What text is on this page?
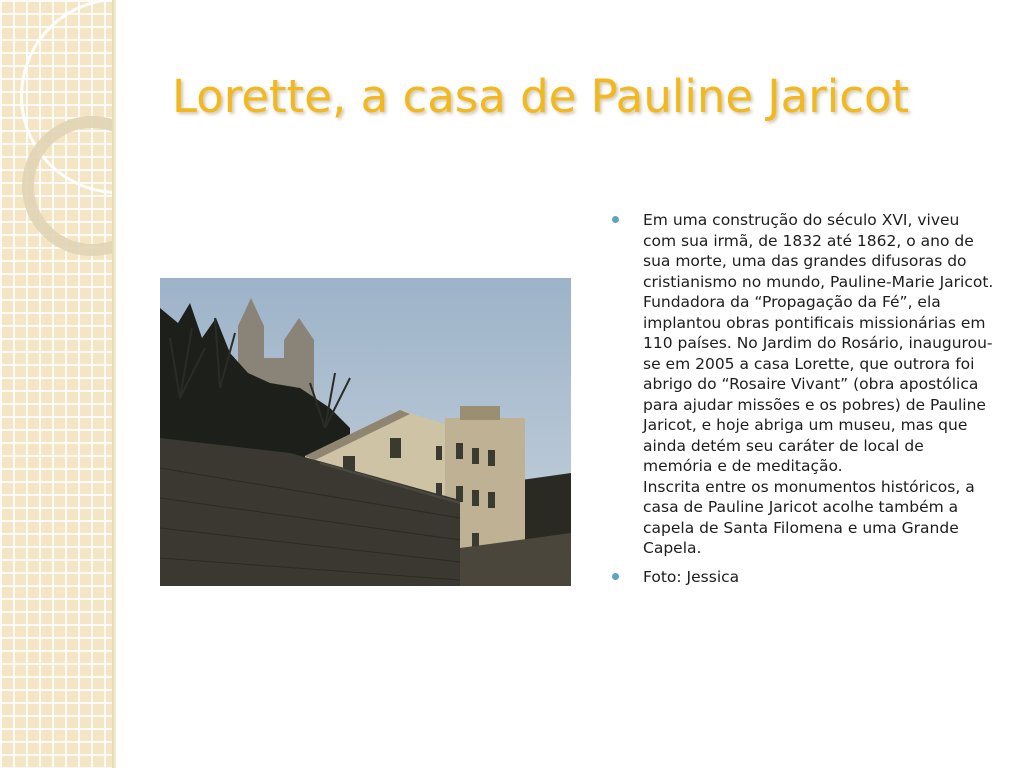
Lorette, a casa de Pauline Jaricot
Em uma construção do século XVI, viveu com sua irmã, de 1832 até 1862, o ano de sua morte, uma das grandes difusoras do cristianismo no mundo, Pauline-Marie Jaricot. Fundadora da “Propagação da Fé”, ela implantou obras pontificais missionárias em 110 países. No Jardim do Rosário, inaugurou-se em 2005 a casa Lorette, que outrora foi abrigo do “Rosaire Vivant” (obra apostólica para ajudar missões e os pobres) de Pauline Jaricot, e hoje abriga um museu, mas que ainda detém seu caráter de local de memória e de meditação.
Inscrita entre os monumentos históricos, a casa de Pauline Jaricot acolhe também a capela de Santa Filomena e uma Grande Capela.
Foto: Jessica
